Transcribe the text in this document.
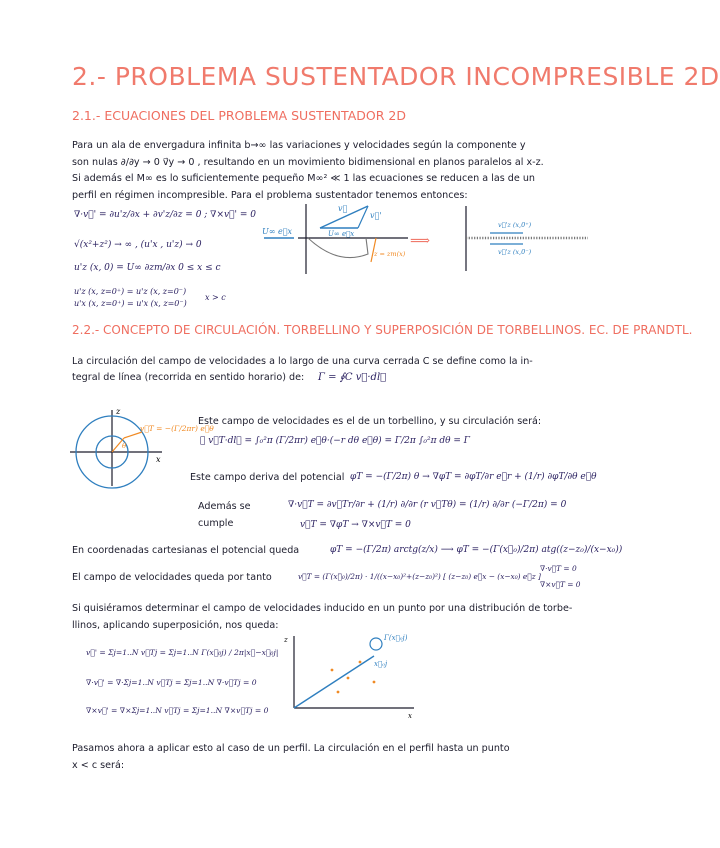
2.- PROBLEMA SUSTENTADOR INCOMPRESIBLE 2D
2.1.- ECUACIONES DEL PROBLEMA SUSTENTADOR 2D
Para un ala de envergadura infinita b→∞ las variaciones y velocidades según la componente y
son nulas ∂/∂y → 0 v⃗y → 0 , resultando en un movimiento bidimensional en planos paralelos al x-z.
Si además el M∞ es lo suficientemente pequeño M∞² ≪ 1 las ecuaciones se reducen a las de un
perfil en régimen incompresible. Para el problema sustentador tenemos entonces:
∇·v⃗' = ∂u'z/∂x + ∂v'z/∂z = 0 ; ∇×v⃗' = 0
√(x²+z²) → ∞ , (u'x , u'z) → 0
u'z (x, 0) = U∞ ∂zm/∂x 0 ≤ x ≤ c
u'z (x, z=0⁺) = u'z (x, z=0⁻)
u'x (x, z=0⁺) = u'x (x, z=0⁻)
x > c
U∞ e⃗x
v⃗
v⃗'
U∞ e⃗x
z = zm(x)
⟹
v⃗'z (x,0⁺)
v⃗'z (x,0⁻)
2.2.- CONCEPTO DE CIRCULACIÓN. TORBELLINO Y SUPERPOSICIÓN DE TORBELLINOS. EC. DE PRANDTL.
La circulación del campo de velocidades a lo largo de una curva cerrada C se define como la in-
tegral de línea (recorrida en sentido horario) de:	Γ = ∮C v⃗·dl⃗
z
x
θ
v⃗T = −(Γ/2πr) e⃗θ
Este campo de velocidades es el de un torbellino, y su circulación será:
∮ v⃗T·dl⃗ = ∫₀²π (Γ/2πr) e⃗θ·(−r dθ e⃗θ) = Γ/2π ∫₀²π dθ = Γ
Este campo deriva del potencial φT = −(Γ/2π) θ → ∇φT = ∂φT/∂r e⃗r + (1/r) ∂φT/∂θ e⃗θ
Además se cumple
∇·v⃗T = ∂v⃗Tr/∂r + (1/r) ∂/∂r (r v⃗Tθ) = (1/r) ∂/∂r (−Γ/2π) = 0
v⃗T = ∇φT → ∇×v⃗T = 0
En coordenadas cartesianas el potencial queda	φT = −(Γ/2π) arctg(z/x) ⟶ φT = −(Γ(x⃗₀)/2π) atg((z−z₀)/(x−x₀))
El campo de velocidades queda por tanto	v⃗T = (Γ(x⃗₀)/2π) · 1/((x−x₀)²+(z−z₀)²) [ (z−z₀) e⃗x − (x−x₀) e⃗z ]
∇·v⃗T = 0
∇×v⃗T = 0
Si quisiéramos determinar el campo de velocidades inducido en un punto por una distribución de torbe-
llinos, aplicando superposición, nos queda:
v⃗' = Σj=1..N v⃗Tj = Σj=1..N Γ(x⃗₀j) / 2π|x⃗−x⃗₀j|
∇·v⃗' = ∇·Σj=1..N v⃗Tj = Σj=1..N ∇·v⃗Tj = 0
∇×v⃗' = ∇×Σj=1..N v⃗Tj = Σj=1..N ∇×v⃗Tj = 0
Γ(x⃗₀j)
x⃗₀j
z
x
Pasamos ahora a aplicar esto al caso de un perfil. La circulación en el perfil hasta un punto
x < c será:
